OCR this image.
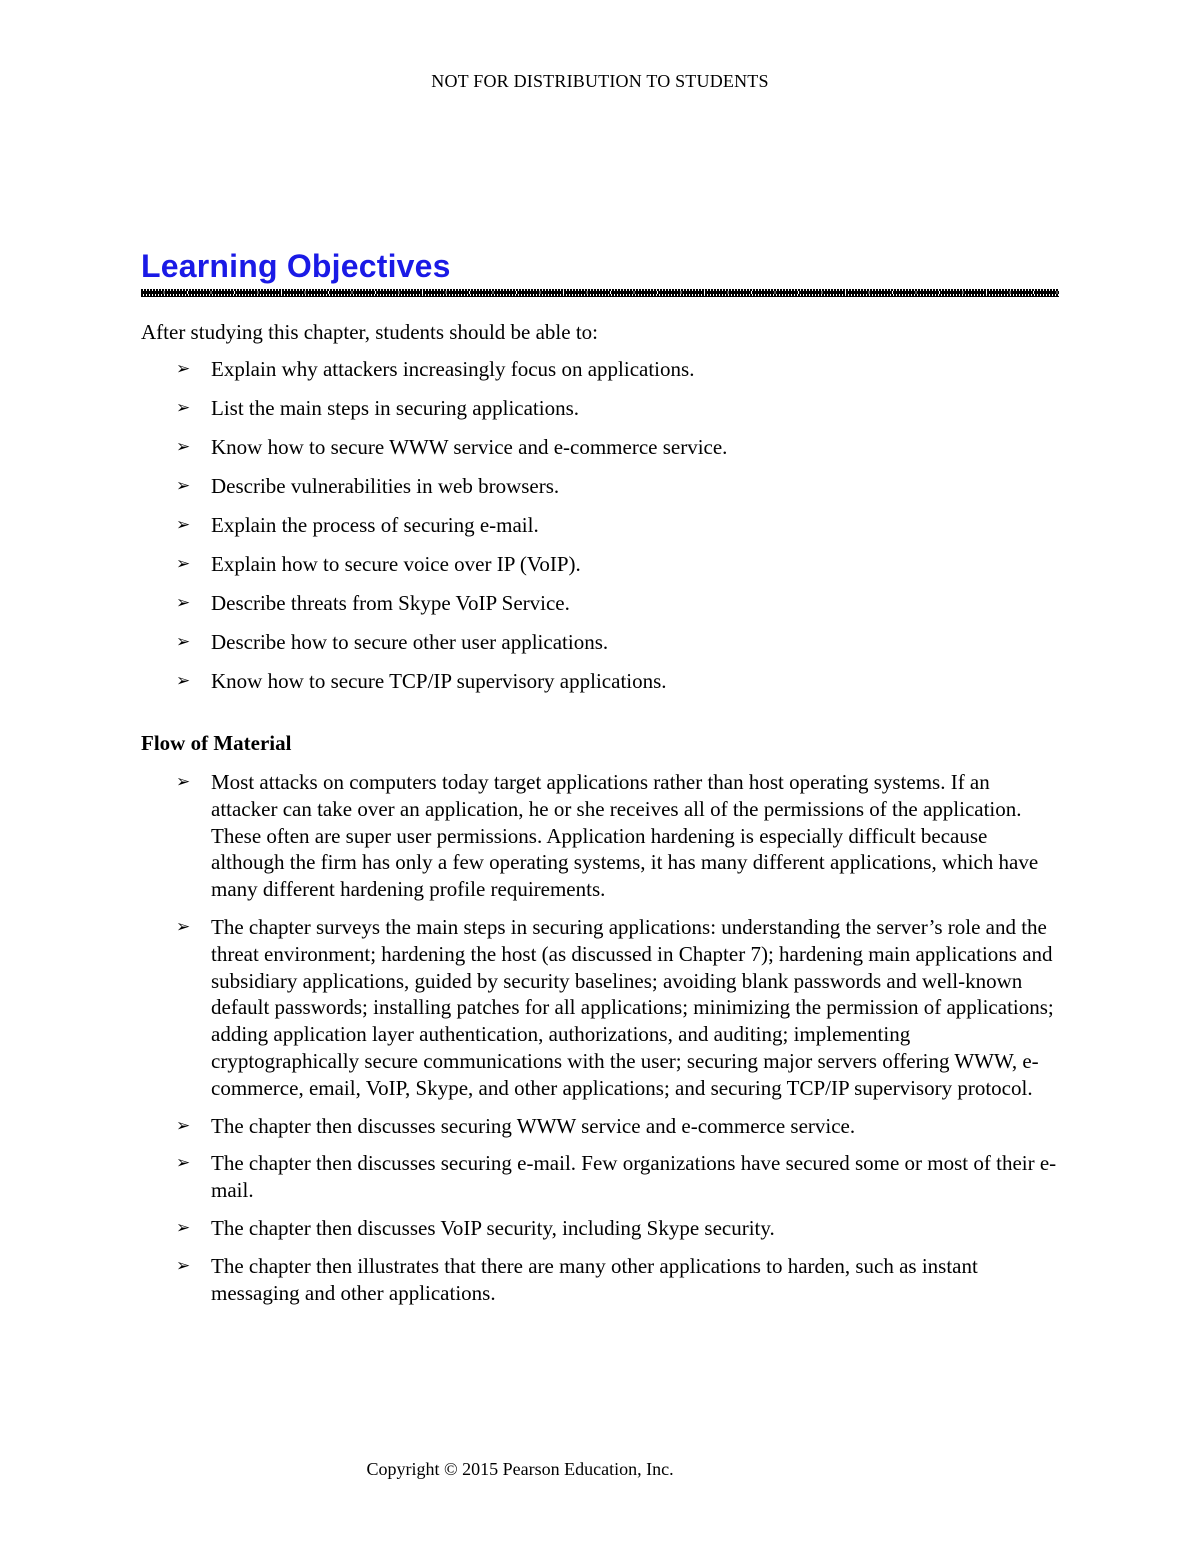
NOT FOR DISTRIBUTION TO STUDENTS
Learning Objectives
After studying this chapter, students should be able to:
➢ Explain why attackers increasingly focus on applications.
➢ List the main steps in securing applications.
➢ Know how to secure WWW service and e-commerce service.
➢ Describe vulnerabilities in web browsers.
➢ Explain the process of securing e-mail.
➢ Explain how to secure voice over IP (VoIP).
➢ Describe threats from Skype VoIP Service.
➢ Describe how to secure other user applications.
➢ Know how to secure TCP/IP supervisory applications.
Flow of Material
➢ Most attacks on computers today target applications rather than host operating systems. If an attacker can take over an application, he or she receives all of the permissions of the application. These often are super user permissions. Application hardening is especially difficult because although the firm has only a few operating systems, it has many different applications, which have many different hardening profile requirements.
➢ The chapter surveys the main steps in securing applications: understanding the server’s role and the threat environment; hardening the host (as discussed in Chapter 7); hardening main applications and subsidiary applications, guided by security baselines; avoiding blank passwords and well-known default passwords; installing patches for all applications; minimizing the permission of applications; adding application layer authentication, authorizations, and auditing; implementing cryptographically secure communications with the user; securing major servers offering WWW, e-commerce, email, VoIP, Skype, and other applications; and securing TCP/IP supervisory protocol.
➢ The chapter then discusses securing WWW service and e-commerce service.
➢ The chapter then discusses securing e-mail. Few organizations have secured some or most of their e-mail.
➢ The chapter then discusses VoIP security, including Skype security.
➢ The chapter then illustrates that there are many other applications to harden, such as instant messaging and other applications.
Copyright © 2015 Pearson Education, Inc.
